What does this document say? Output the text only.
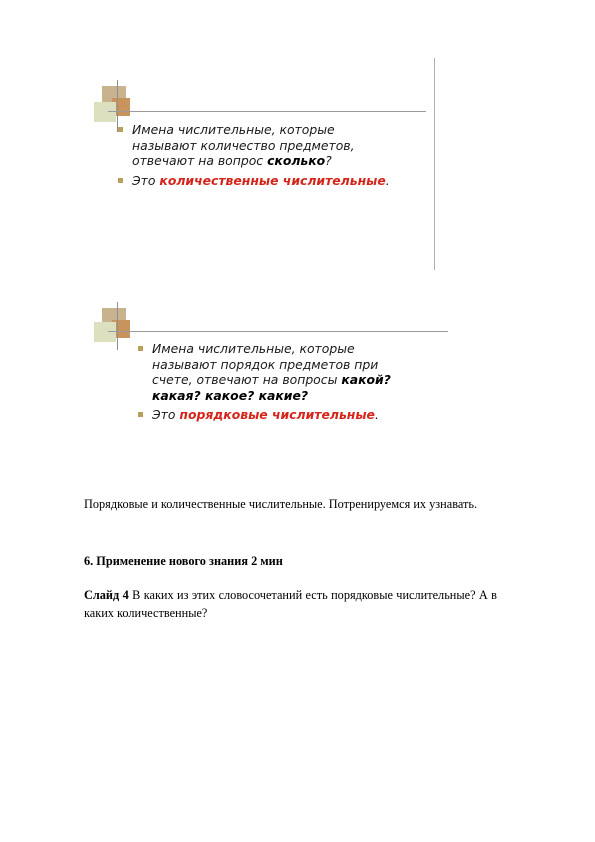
Имена числительные, которые
называют количество предметов,
отвечают на вопрос сколько?
Это количественные числительные.
Имена числительные, которые
называют порядок предметов при
счете, отвечают на вопросы какой?
какая? какое? какие?
Это порядковые числительные.

Порядковые и количественные числительные. Потренируемся их узнавать.

6. Применение нового знания 2 мин

Слайд 4 В каких из этих словосочетаний есть порядковые числительные? А в каких количественные?
